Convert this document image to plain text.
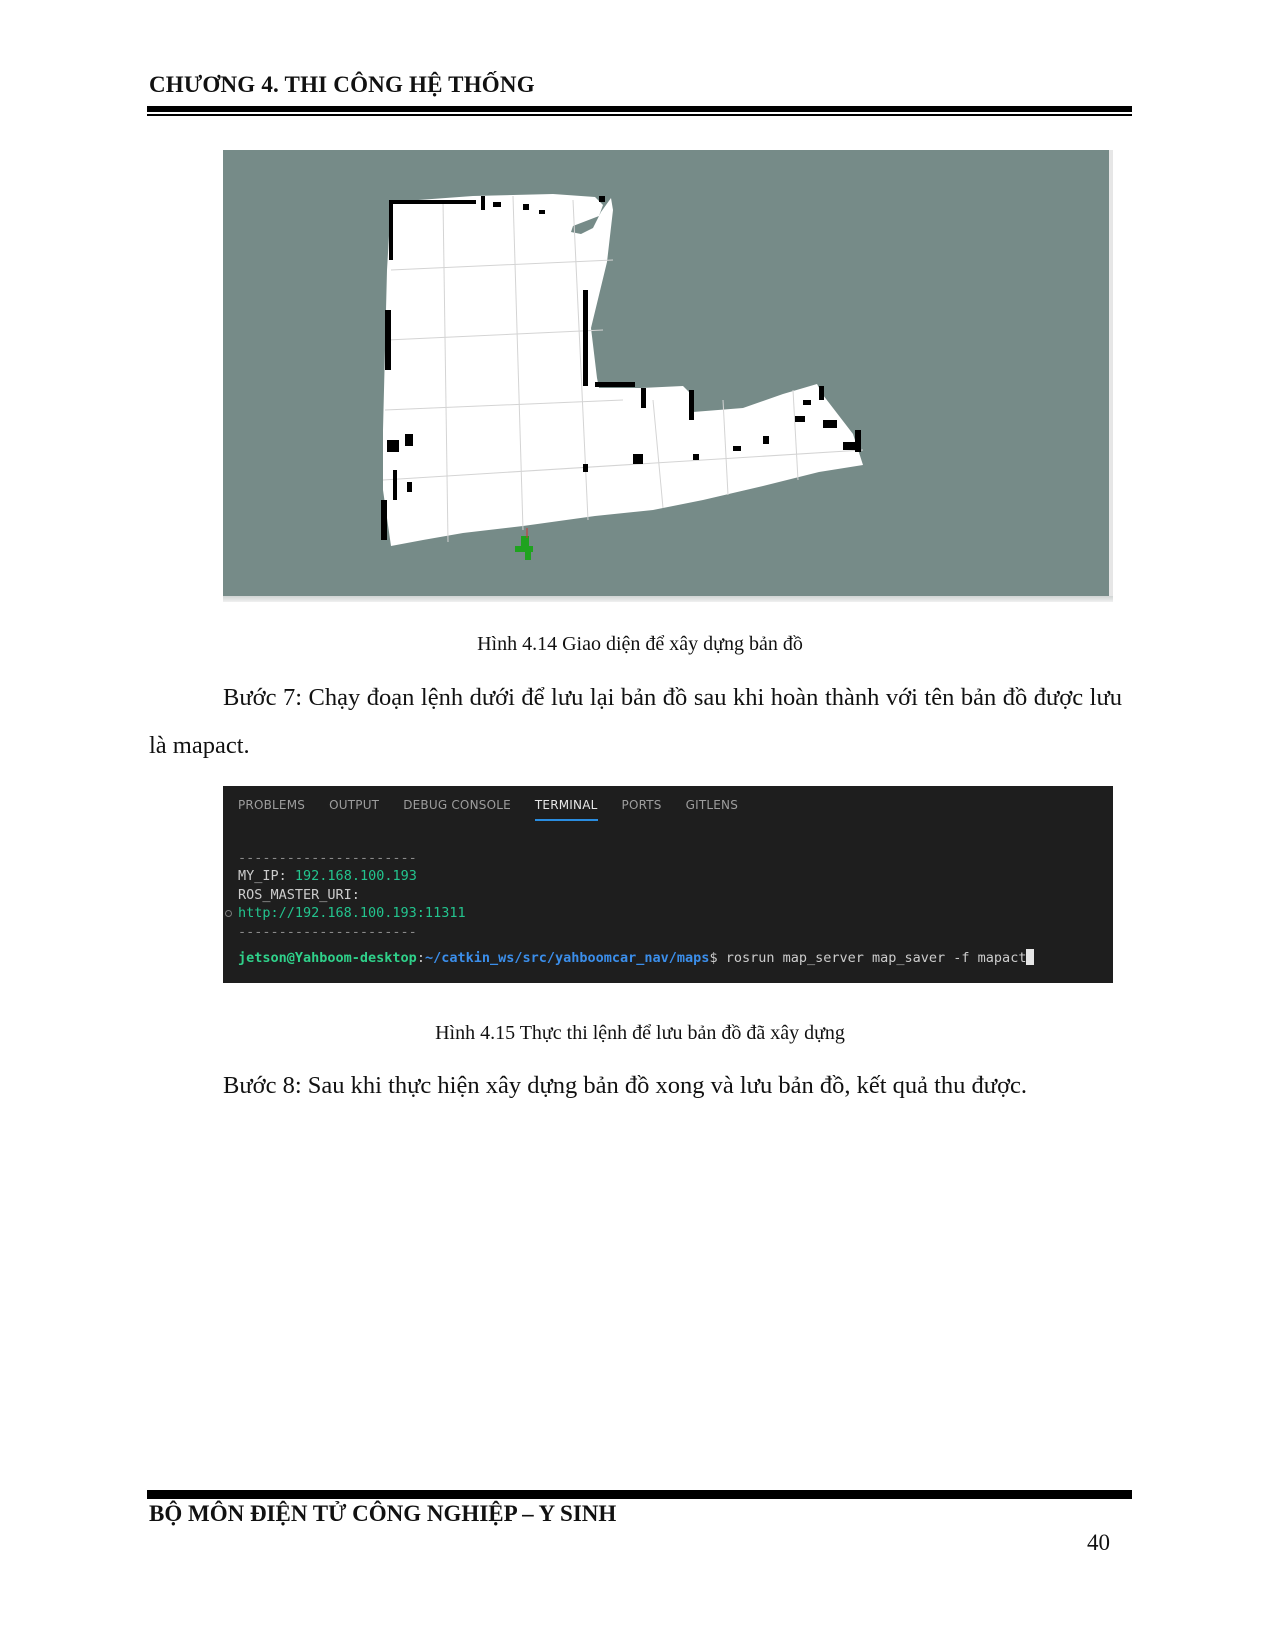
CHƯƠNG 4. THI CÔNG HỆ THỐNG
Hình 4.14 Giao diện để xây dựng bản đồ
Bước 7: Chạy đoạn lệnh dưới để lưu lại bản đồ sau khi hoàn thành với tên bản đồ được lưu là mapact.
PROBLEMS OUTPUT DEBUG CONSOLE TERMINAL PORTS GITLENS

----------------------
MY_IP: 192.168.100.193
ROS_MASTER_URI:
http://192.168.100.193:11311
----------------------
jetson@Yahboom-desktop:~/catkin_ws/src/yahboomcar_nav/maps$ rosrun map_server map_saver -f mapact

Hình 4.15 Thực thi lệnh để lưu bản đồ đã xây dựng
Bước 8: Sau khi thực hiện xây dựng bản đồ xong và lưu bản đồ, kết quả thu được.
BỘ MÔN ĐIỆN TỬ CÔNG NGHIỆP – Y SINH
40
